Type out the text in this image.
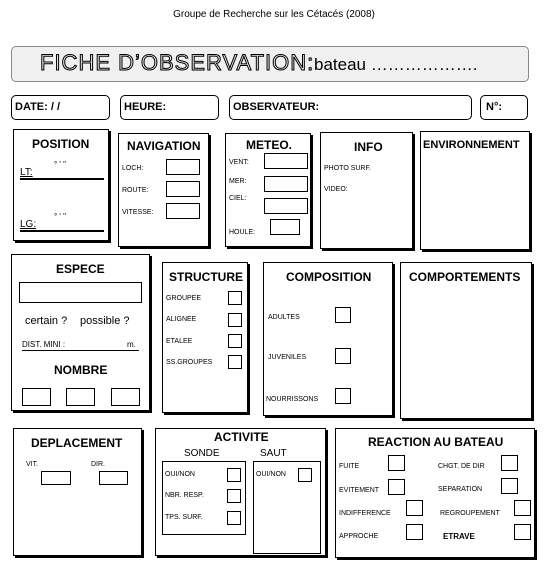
Groupe de Recherche sur les Cétacés (2008)
FICHE D’OBSERVATION: bateau ……………….
DATE: / /	HEURE:	OBSERVATEUR:	N°:
POSITION
° ' "
LT:
° ' "
LG:
NAVIGATION
LOCH:
ROUTE:
VITESSE:
METEO.
VENT:
MER:
CIEL:
HOULE:
INFO
PHOTO SURF.
VIDEO:
ENVIRONNEMENT
ESPECE
certain ? possible ?
DIST. MINI :	m.
NOMBRE
STRUCTURE
GROUPEE
ALIGNEE
ETALEE
SS.GROUPES
COMPOSITION
ADULTES
JUVENILES
NOURRISSONS
COMPORTEMENTS
DEPLACEMENT
VIT.	DIR.
ACTIVITE
SONDE	SAUT
OUI/NON
NBR. RESP.
TPS. SURF.
OUI/NON
REACTION AU BATEAU
FUITE
EVITEMENT
INDIFFERENCE
APPROCHE
CHGT. DE DIR
SEPARATION
REGROUPEMENT
ETRAVE
